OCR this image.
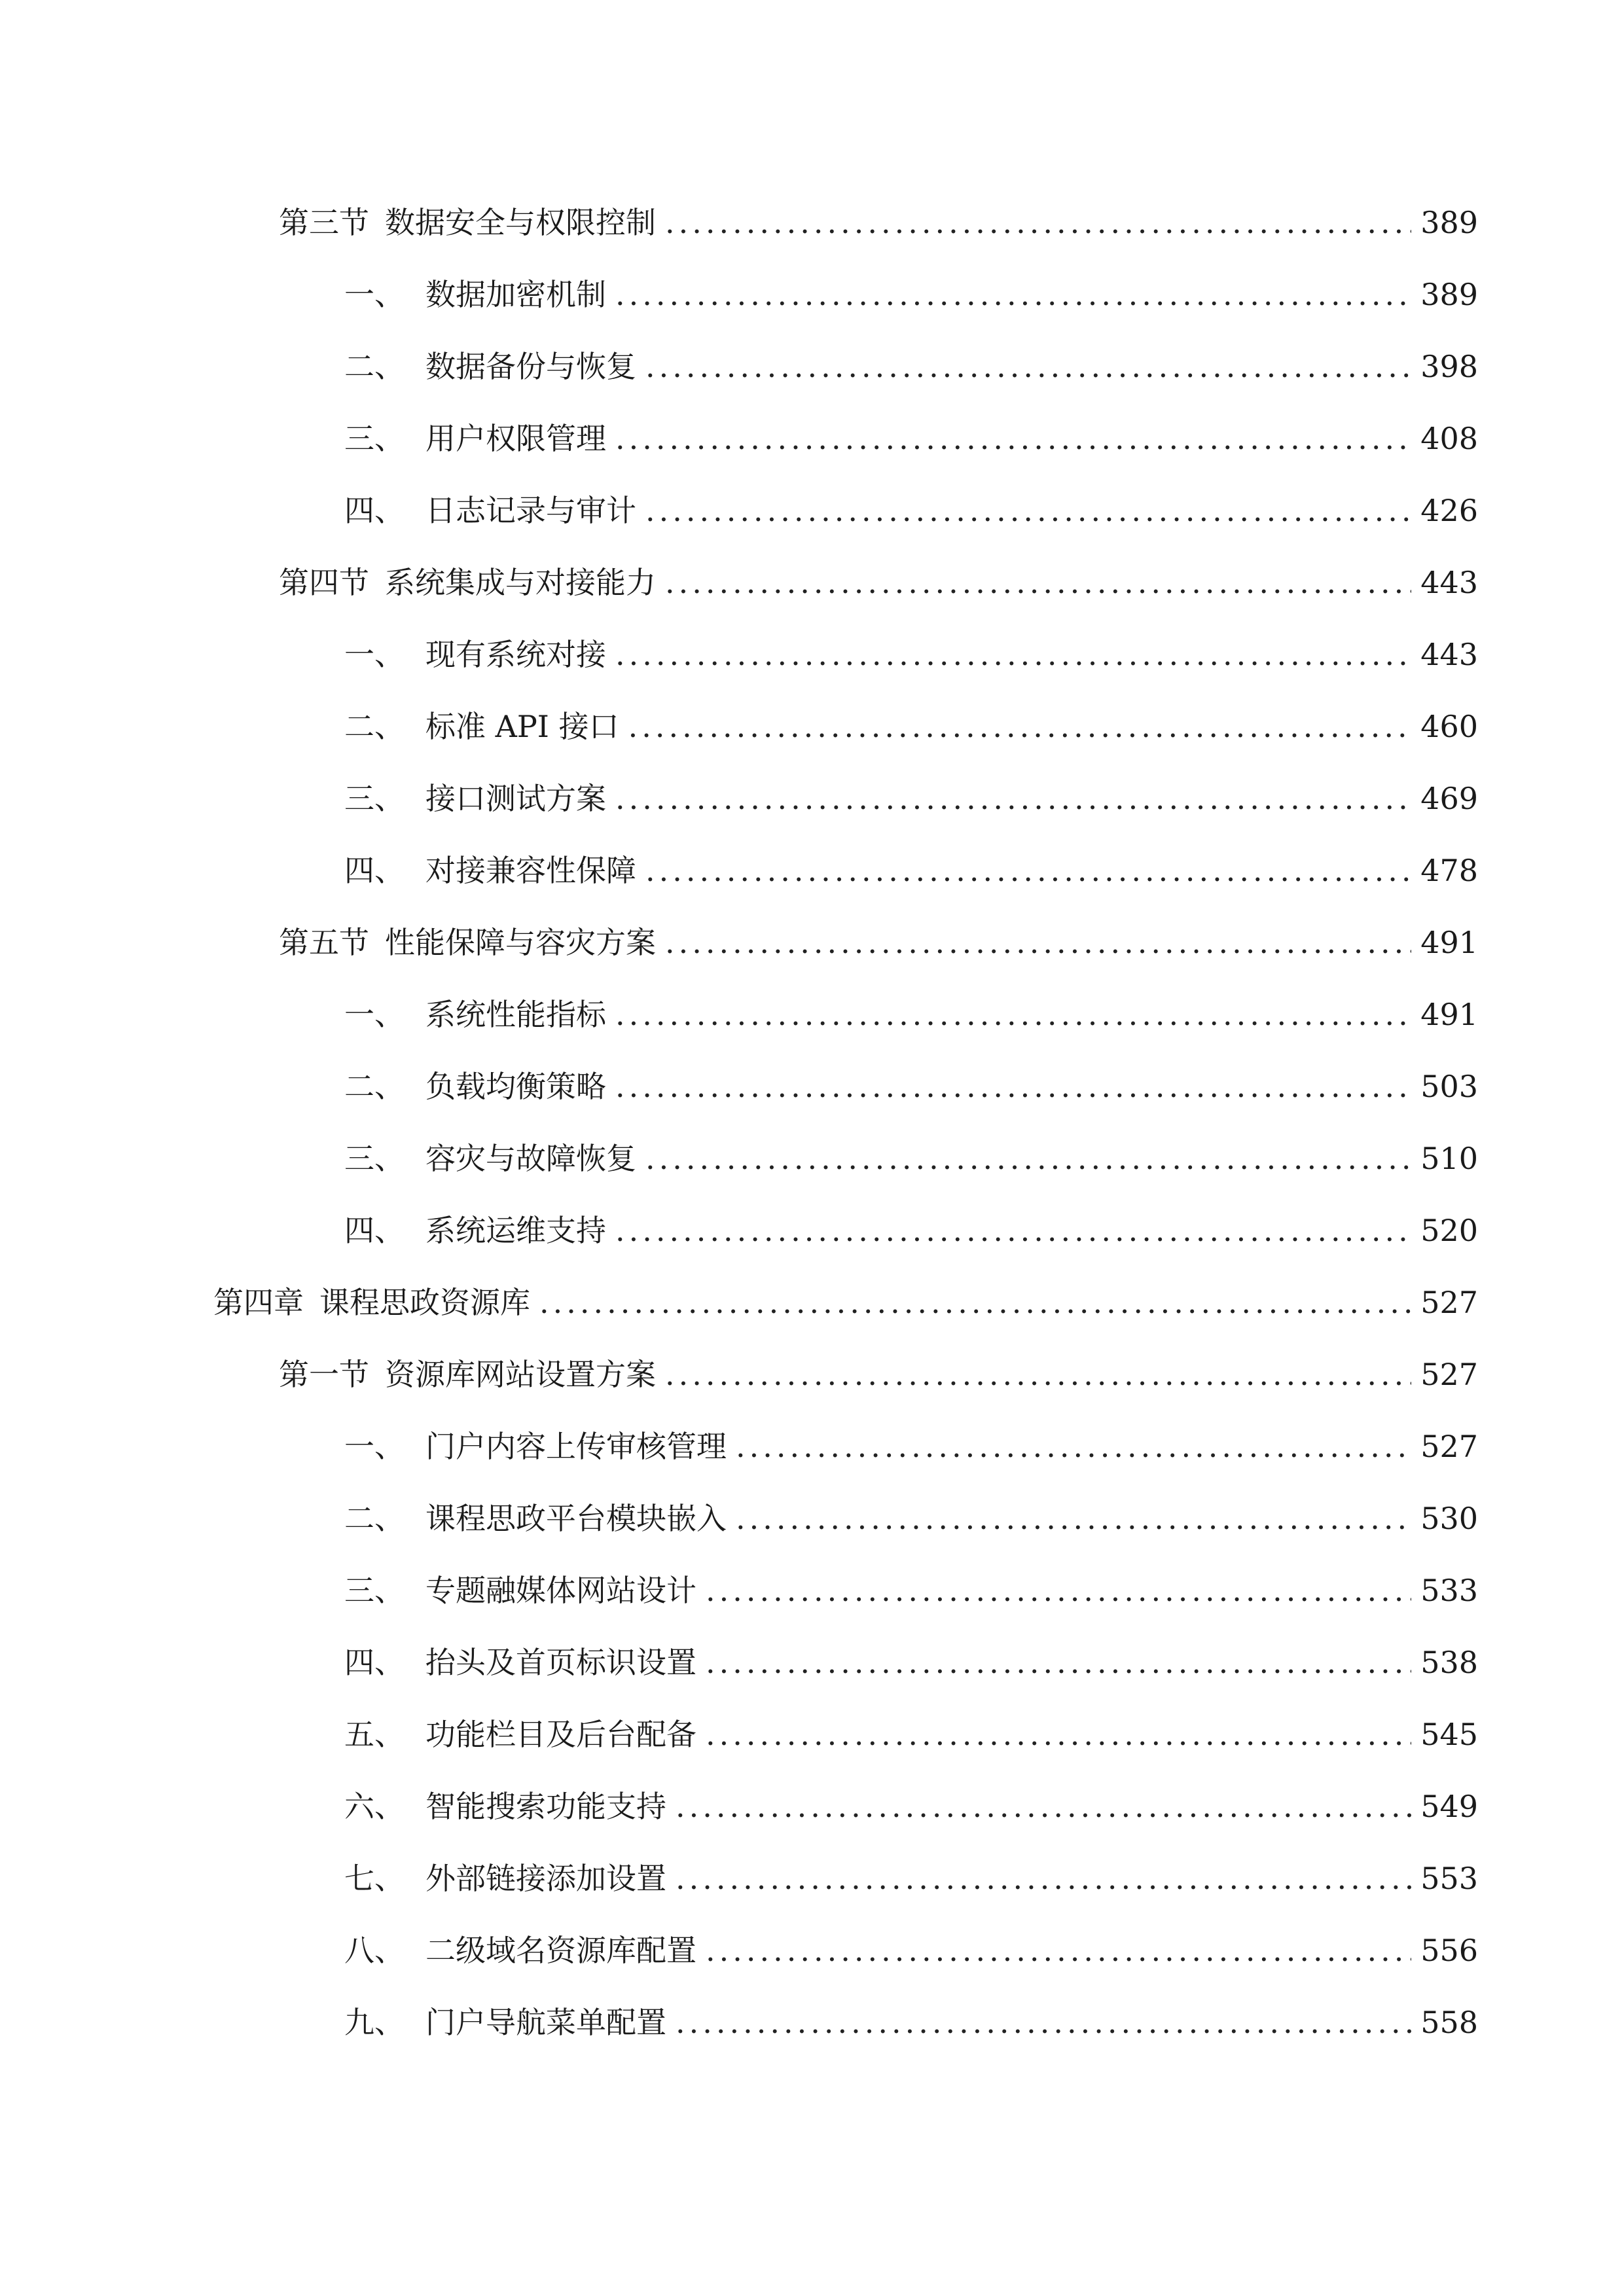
第三节 数据安全与权限控制 .....	389
一、 数据加密机制 .....	389
二、 数据备份与恢复 .....	398
三、 用户权限管理 .....	408
四、 日志记录与审计 .....	426
第四节 系统集成与对接能力 .....	443
一、 现有系统对接 .....	443
二、 标准 API 接口 .....	460
三、 接口测试方案 .....	469
四、 对接兼容性保障 .....	478
第五节 性能保障与容灾方案 .....	491
一、 系统性能指标 .....	491
二、 负载均衡策略 .....	503
三、 容灾与故障恢复 .....	510
四、 系统运维支持 .....	520
第四章 课程思政资源库 .....	527
第一节 资源库网站设置方案 .....	527
一、 门户内容上传审核管理 .....	527
二、 课程思政平台模块嵌入 .....	530
三、 专题融媒体网站设计 .....	533
四、 抬头及首页标识设置 .....	538
五、 功能栏目及后台配备 .....	545
六、 智能搜索功能支持 .....	549
七、 外部链接添加设置 .....	553
八、 二级域名资源库配置 .....	556
九、 门户导航菜单配置 .....	558
